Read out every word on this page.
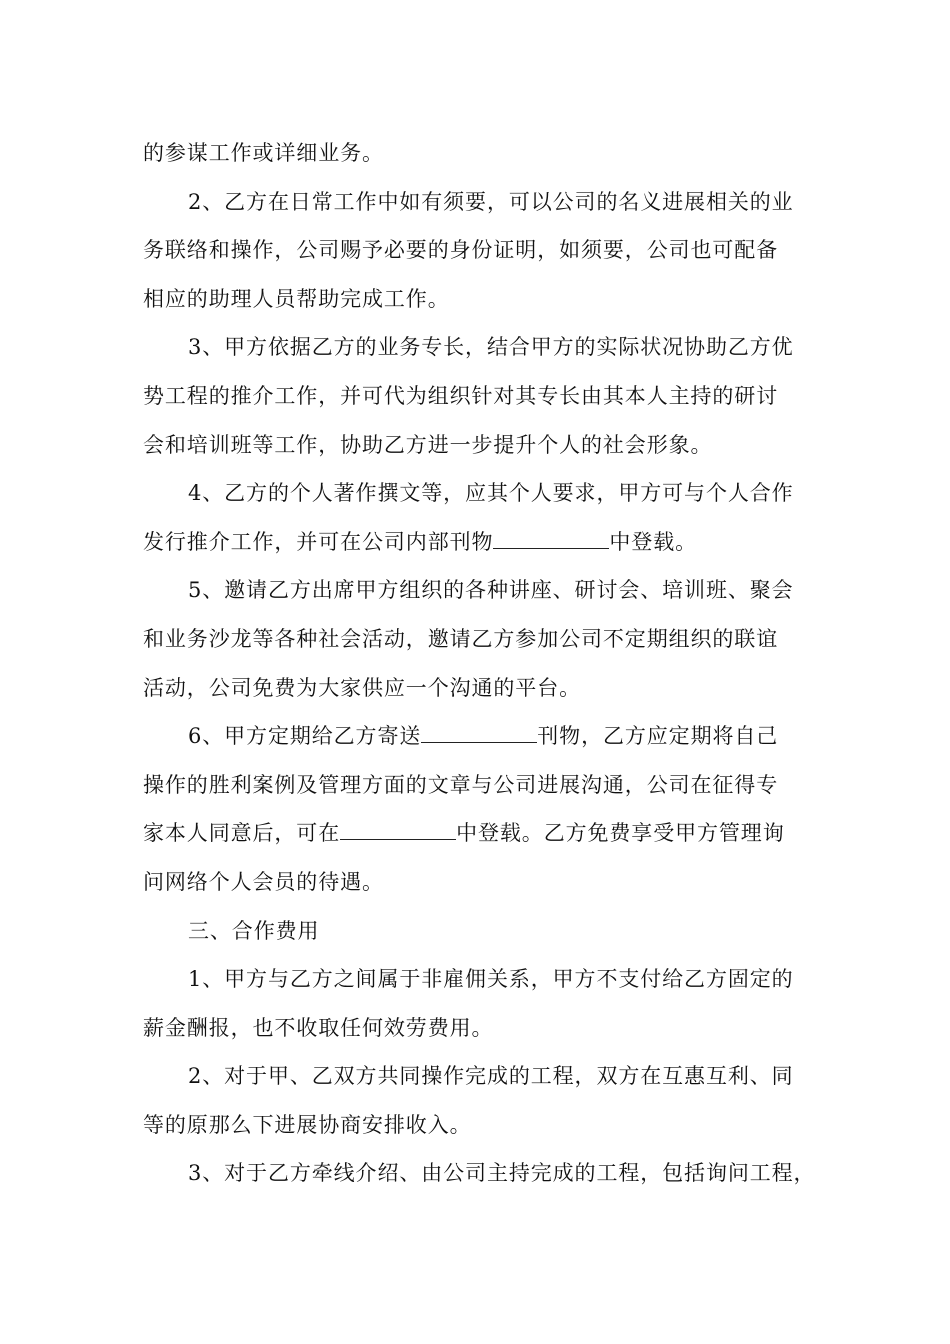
的参谋工作或详细业务。

2、乙方在日常工作中如有须要，可以公司的名义进展相关的业
务联络和操作，公司赐予必要的身份证明，如须要，公司也可配备
相应的助理人员帮助完成工作。

3、甲方依据乙方的业务专长，结合甲方的实际状况协助乙方优
势工程的推介工作，并可代为组织针对其专长由其本人主持的研讨
会和培训班等工作，协助乙方进一步提升个人的社会形象。

4、乙方的个人著作撰文等，应其个人要求，甲方可与个人合作
发行推介工作，并可在公司内部刊物	中登载。

5、邀请乙方出席甲方组织的各种讲座、研讨会、培训班、聚会
和业务沙龙等各种社会活动，邀请乙方参加公司不定期组织的联谊
活动，公司免费为大家供应一个沟通的平台。

6、甲方定期给乙方寄送	刊物，乙方应定期将自己
操作的胜利案例及管理方面的文章与公司进展沟通，公司在征得专
家本人同意后，可在	中登载。乙方免费享受甲方管理询
问网络个人会员的待遇。

三、合作费用

1、甲方与乙方之间属于非雇佣关系，甲方不支付给乙方固定的
薪金酬报，也不收取任何效劳费用。

2、对于甲、乙双方共同操作完成的工程，双方在互惠互利、同
等的原那么下进展协商安排收入。

3、对于乙方牵线介绍、由公司主持完成的工程，包括询问工程，
